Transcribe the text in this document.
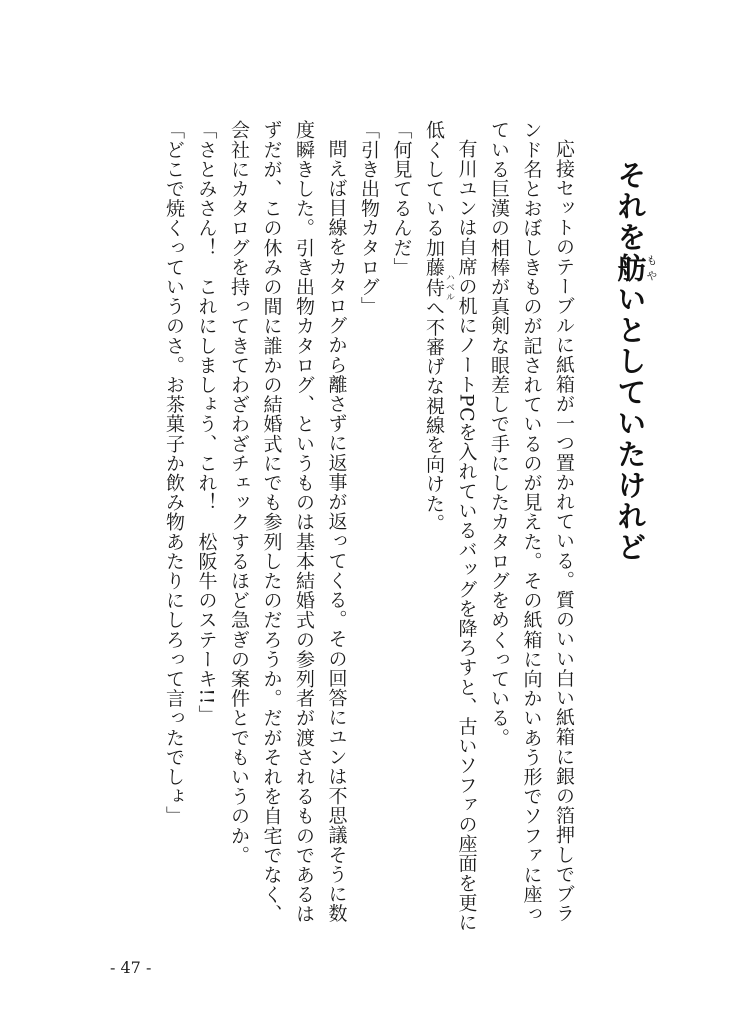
それを舫もやいとしていたけれど

応接セットのテーブルに紙箱が一つ置かれている。質のいい白い紙箱に銀の箔押しでブランド名とおぼしきものが記されているのが見えた。その紙箱に向かいあう形でソファに座っている巨漢の相棒が真剣な眼差しで手にしたカタログをめくっている。

有川ユンは自席の机にノートPCを入れているバッグを降ろすと、古いソファの座面を更に低くしている加藤侍 ハベルへ不審げな視線を向けた。

「何見てるんだ」

「引き出物カタログ」

問えば目線をカタログから離さずに返事が返ってくる。その回答にユンは不思議そうに数度瞬きした。引き出物カタログ、というものは基本結婚式の参列者が渡されるものであるはずだが、この休みの間に誰かの結婚式にでも参列したのだろうか。だがそれを自宅でなく、会社にカタログを持ってきてわざわざチェックするほど急ぎの案件とでもいうのか。

「さとみさん！　これにしましょう、これ！　松阪牛のステーキ!!」

「どこで焼くっていうのさ。お茶菓子か飲み物あたりにしろって言ったでしょ」

- 47 -
